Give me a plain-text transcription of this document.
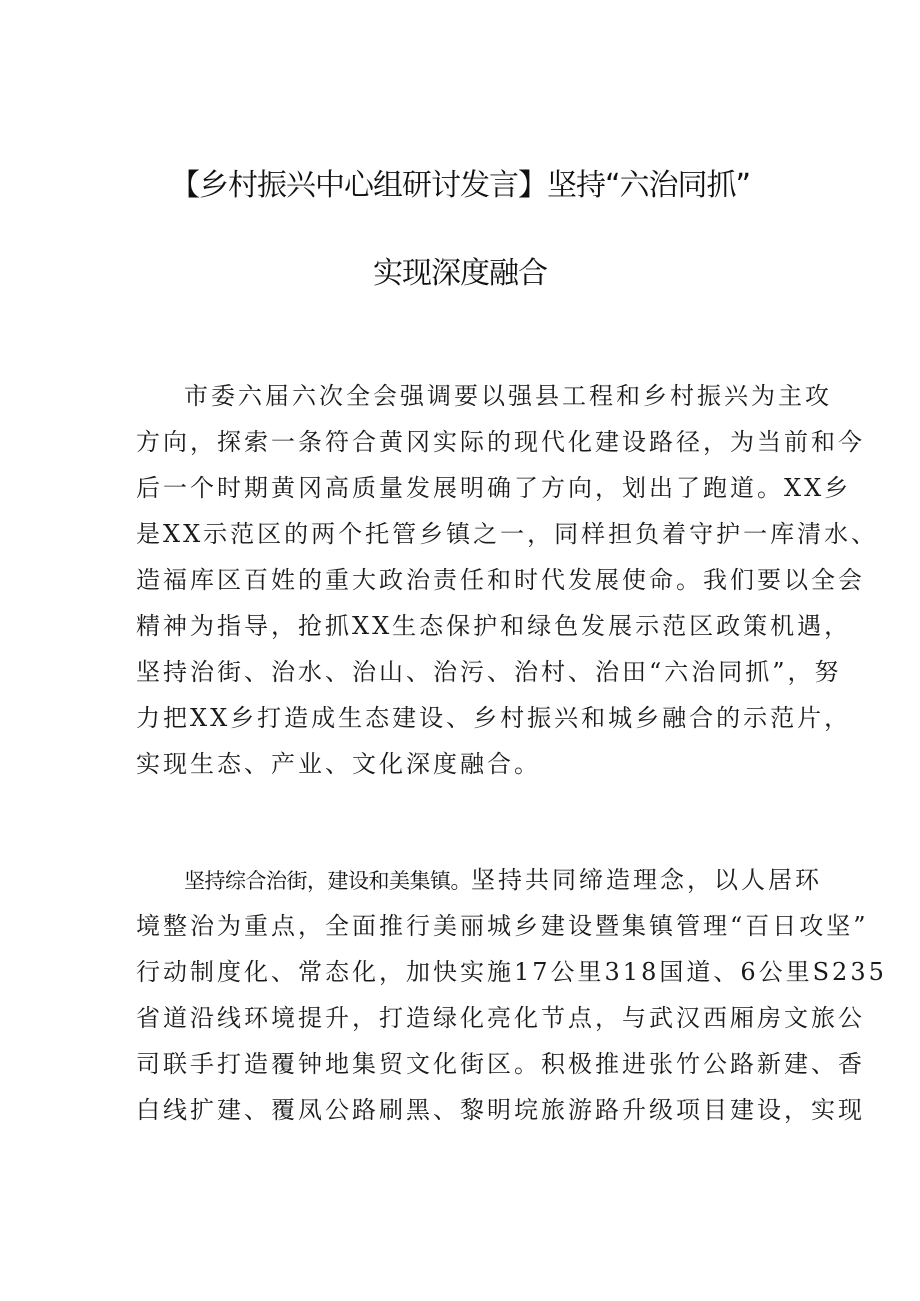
【乡村振兴中心组研讨发言】坚持“六治同抓”
实现深度融合
市委六届六次全会强调要以强县工程和乡村振兴为主攻
方向，探索一条符合黄冈实际的现代化建设路径，为当前和今
后一个时期黄冈高质量发展明确了方向，划出了跑道。XX乡
是XX示范区的两个托管乡镇之一，同样担负着守护一库清水、
造福库区百姓的重大政治责任和时代发展使命。我们要以全会
精神为指导，抢抓XX生态保护和绿色发展示范区政策机遇，
坚持治街、治水、治山、治污、治村、治田“六治同抓”，努
力把XX乡打造成生态建设、乡村振兴和城乡融合的示范片，
实现生态、产业、文化深度融合。
坚持综合治街，建设和美集镇。坚持共同缔造理念，以人居环
境整治为重点，全面推行美丽城乡建设暨集镇管理“百日攻坚”
行动制度化、常态化，加快实施17公里318国道、6公里S235
省道沿线环境提升，打造绿化亮化节点，与武汉西厢房文旅公
司联手打造覆钟地集贸文化街区。积极推进张竹公路新建、香
白线扩建、覆凤公路刷黑、黎明垸旅游路升级项目建设，实现
